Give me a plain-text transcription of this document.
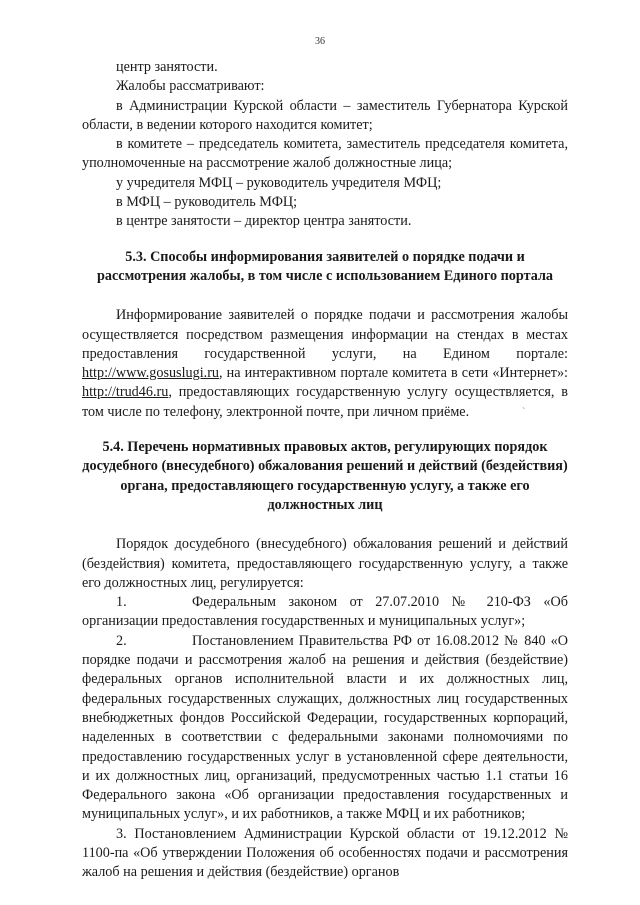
36
`

центр занятости.

Жалобы рассматривают:

в Администрации Курской области – заместитель Губернатора Курской области, в ведении которого находится комитет;

в комитете – председатель комитета, заместитель председателя комитета, уполномоченные на рассмотрение жалоб должностные лица;

у учредителя МФЦ – руководитель учредителя МФЦ;

в МФЦ – руководитель МФЦ;

в центре занятости – директор центра занятости.

5.3. Способы информирования заявителей о порядке подачи и рассмотрения жалобы, в том числе с использованием Единого портала

Информирование заявителей о порядке подачи и рассмотрения жалобы осуществляется посредством размещения информации на стендах в местах предоставления государственной услуги, на Едином портале: http://www.gosuslugi.ru, на интерактивном портале комитета в сети «Интернет»: http://trud46.ru, предоставляющих государственную услугу осуществляется, в том числе по телефону, электронной почте, при личном приёме.

5.4. Перечень нормативных правовых актов, регулирующих порядок досудебного (внесудебного) обжалования решений и действий (бездействия) органа, предоставляющего государственную услугу, а также его должностных лиц

Порядок досудебного (внесудебного) обжалования решений и действий (бездействия) комитета, предоставляющего государственную услугу, а также его должностных лиц, регулируется:

1.	Федеральным законом от 27.07.2010 № 210-ФЗ «Об организации предоставления государственных и муниципальных услуг»;

2.	Постановлением Правительства РФ от 16.08.2012 № 840 «О порядке подачи и рассмотрения жалоб на решения и действия (бездействие) федеральных органов исполнительной власти и их должностных лиц, федеральных государственных служащих, должностных лиц государственных внебюджетных фондов Российской Федерации, государственных корпораций, наделенных в соответствии с федеральными законами полномочиями по предоставлению государственных услуг в установленной сфере деятельности, и их должностных лиц, организаций, предусмотренных частью 1.1 статьи 16 Федерального закона «Об организации предоставления государственных и муниципальных услуг», и их работников, а также МФЦ и их работников;

3. Постановлением Администрации Курской области от 19.12.2012 № 1100-па «Об утверждении Положения об особенностях подачи и рассмотрения жалоб на решения и действия (бездействие) органов
